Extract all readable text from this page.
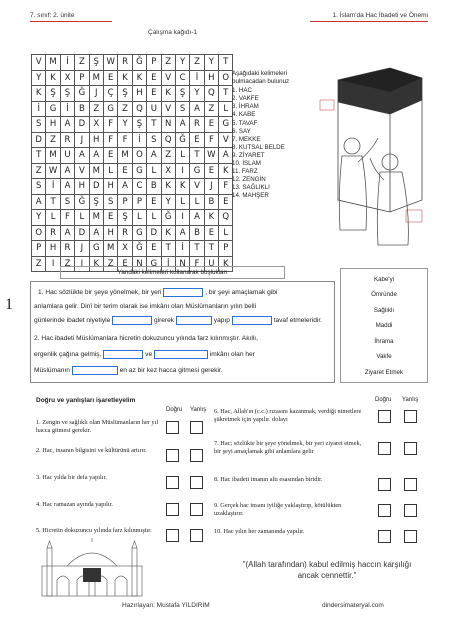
7. sınıf: 2. ünite
Çalışma kağıdı-1
1. İslam'da Hac İbadeti ve Önemi
V	M	İ	Z	Ş	W	R	Ğ	P	Z	Y	Z	Y	T
Y	K	X	P	M	E	K	K	E	V	C	İ	H	O
K	Ş	Ş	Ğ	J	Ç	Ş	H	E	K	Ş	Y	Q	T
İ	G	İ	B	Z	G	Z	Q	U	V	S	A	Z	L
S	H	A	D	X	F	Y	Ş	T	N	A	R	E	G
D	Z	R	J	H	F	F	İ	S	Q	Ğ	E	F	V
T	M	U	A	A	E	M	O	A	Z	L	T	W	A
Z	W	A	V	M	L	E	G	L	X	I	G	E	K
S	İ	A	H	D	H	A	C	B	K	K	V	J	F
A	T	S	Ğ	Ş	S	P	P	E	Y	L	L	B	E
Y	L	F	L	M	E	Ş	L	L	Ğ	I	A	K	Q
O	R	A	D	A	H	R	G	D	K	A	B	E	L
P	H	R	J	G	M	X	Ğ	E	T	İ	T	T	P
Z	I	Z	I	K	Z	E	N	G	İ	N	F	U	K
Aşağıdaki kelimeleri bulmacadan bulunuz
1. HAC
2. VAKFE
3. İHRAM
4. KABE
5. TAVAF
6. SAY
7. MEKKE
8. KUTSAL BELDE
9. ZİYARET
10. İSLAM
11. FARZ
12. ZENGİN
13. SAĞLIKLI
14. MAHŞER
Yandaki kelimeleri kullanarak boşlukları
1
1. Hac sözlükte bir şeye yönelmek, bir yeri	, bir şeyi amaçlamak gibi
anlamlara gelir. Dinî bir terim olarak ise imkânı olan Müslümanların yılın belli
günlerinde ibadet niyetiyle	girerek	yapıp	tavaf etmeleridir.
2. Hac ibadeti Müslümanlara hicretin dokuzuncu yılında farz kılınmıştır. Akıllı,
ergenlik çağına gelmiş,	ve	imkânı olan her
Müslümanın	en az bir kez hacca gitmesi gerekir.
Kabe'yi
Ömründe
Sağlıklı
Maddi
İhrama
Vakfe
Ziyaret Etmek
Doğru ve yanlışları işaretleyelim
Doğru Yanlış
Doğru Yanlış
1. Zengin ve sağlıklı olan Müslümanların her yıl hacca gitmesi gerekir.
2. Hac, insanın bilgisini ve kültürünü artırır.
3. Hac yılda bir defa yapılır.
4. Hac ramazan ayında yapılır.
5. Hicretin dokuzuncu yılında farz kılınmıştır.
6. Hac, Allah'ın (c.c.) rızasını kazanmak, verdiği nimetlere şükretmek için yapılır. dolayı
7. Hac; sözlükte bir şeye yönelmek, bir yeri ziyaret etmek, bir şeyi amaçlamak gibi anlamlara gelir
8. Hac ibadeti imanın altı esasından biridir.
9. Gerçek hac insanı iyiliğe yaklaştırıp, kötülükten uzaklaştırır.
10. Hac yılın her zamanında yapılır.
"(Allah tarafından) kabul edilmiş haccın karşılığı ancak cennettir."
Hazırlayan: Mustafa YILDIRIM	dindersimateryal.com
